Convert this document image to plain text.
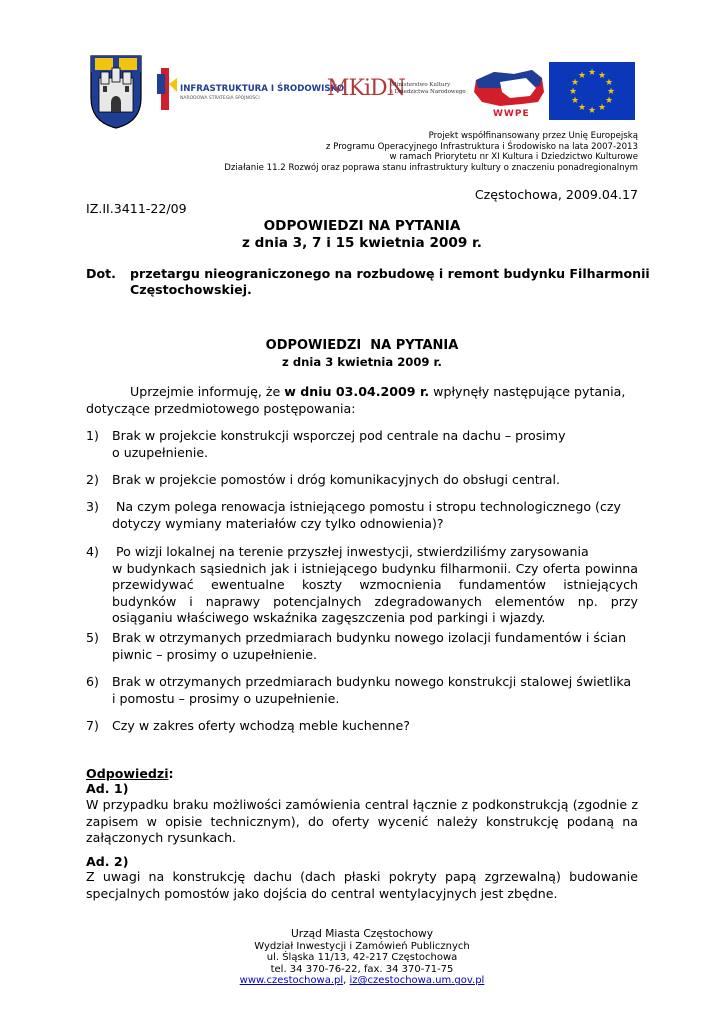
INFRASTRUKTURA I ŚRODOWISKO
NARODOWA STRATEGIA SPÓJNOŚCI	MKiDN
Ministerstwo Kultury
i Dziedzictwa Narodowego
WWPE
★ ★
★
★
★
★
★
★
★
★
★
★
Projekt współfinansowany przez Unię Europejską
z Programu Operacyjnego Infrastruktura i Środowisko na lata 2007-2013
w ramach Priorytetu nr XI Kultura i Dziedzictwo Kulturowe
Działanie 11.2 Rozwój oraz poprawa stanu infrastruktury kultury o znaczeniu ponadregionalnym
Częstochowa, 2009.04.17
IZ.II.3411-22/09
ODPOWIEDZI NA PYTANIA
z dnia 3, 7 i 15 kwietnia 2009 r.
Dot. przetargu nieograniczonego na rozbudowę i remont budynku Filharmonii
Częstochowskiej.
ODPOWIEDZI  NA PYTANIA
z dnia 3 kwietnia 2009 r.
Uprzejmie informuję, że w dniu 03.04.2009 r. wpłynęły następujące pytania,
dotyczące przedmiotowego postępowania:
1) Brak w projekcie konstrukcji wsporczej pod centrale na dachu – prosimy
o uzupełnienie.
2) Brak w projekcie pomostów i dróg komunikacyjnych do obsługi central.
3) Na czym polega renowacja istniejącego pomostu i stropu technologicznego (czy
dotyczy wymiany materiałów czy tylko odnowienia)?
4) Po wizji lokalnej na terenie przyszłej inwestycji, stwierdziliśmy zarysowania
w budynkach sąsiednich jak i istniejącego budynku filharmonii. Czy oferta powinna przewidywać ewentualne koszty wzmocnienia fundamentów istniejących budynków i naprawy potencjalnych zdegradowanych elementów np. przy osiąganiu właściwego wskaźnika zagęszczenia pod parkingi i wjazdy.
5) Brak w otrzymanych przedmiarach budynku nowego izolacji fundamentów i ścian
piwnic – prosimy o uzupełnienie.
6) Brak w otrzymanych przedmiarach budynku nowego konstrukcji stalowej świetlika
i pomostu – prosimy o uzupełnienie.
7) Czy w zakres oferty wchodzą meble kuchenne?
Odpowiedzi:
Ad. 1)
W przypadku braku możliwości zamówienia central łącznie z podkonstrukcją (zgodnie z zapisem w opisie technicznym), do oferty wycenić należy konstrukcję podaną na załączonych rysunkach.
Ad. 2)
Z uwagi na konstrukcję dachu (dach płaski pokryty papą zgrzewalną) budowanie specjalnych pomostów jako dojścia do central wentylacyjnych jest zbędne.
Urząd Miasta Częstochowy
Wydział Inwestycji i Zamówień Publicznych
ul. Śląska 11/13, 42-217 Częstochowa
tel. 34 370-76-22, fax. 34 370-71-75
www.czestochowa.pl, iz@czestochowa.um.gov.pl
